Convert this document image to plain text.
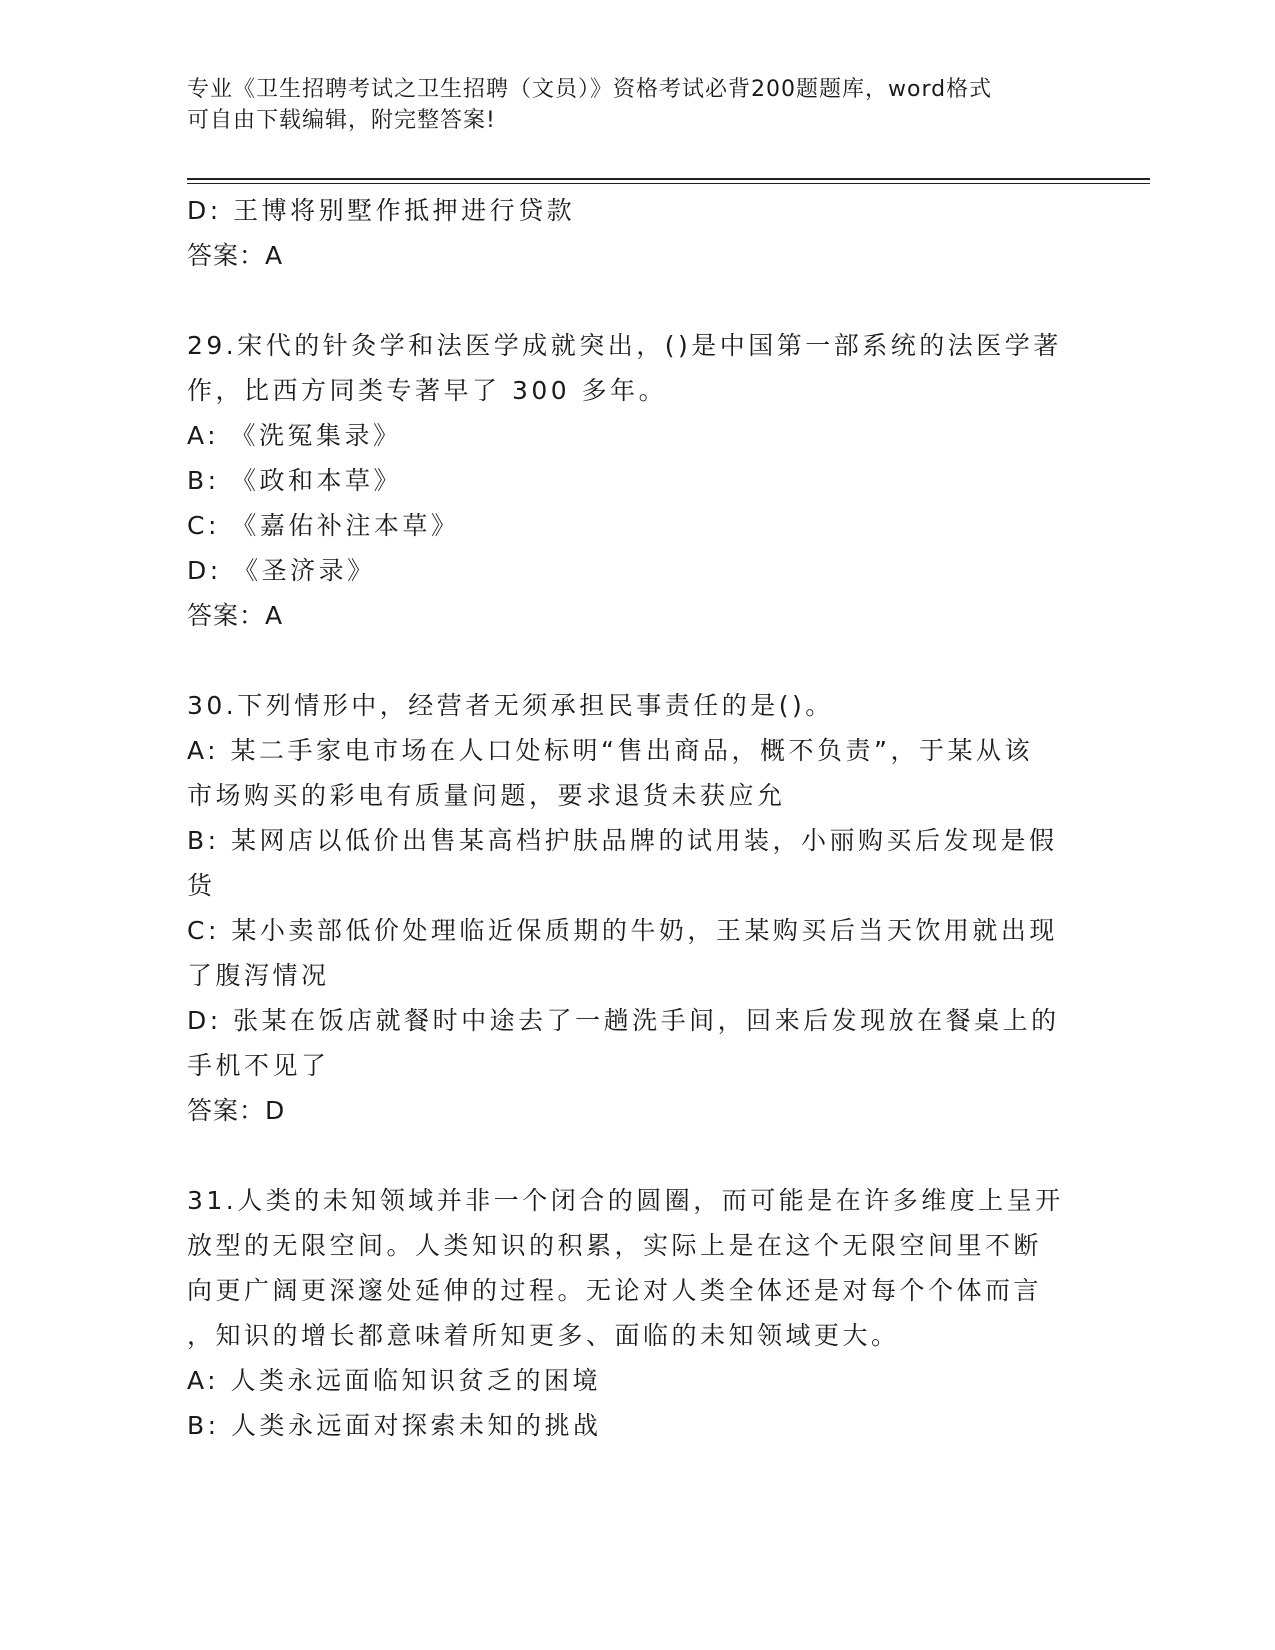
专业《卫生招聘考试之卫生招聘（文员）》资格考试必背200题题库，word格式

可自由下载编辑，附完整答案!

D: 王博将别墅作抵押进行贷款
答案：A
29.宋代的针灸学和法医学成就突出，()是中国第一部系统的法医学著
作，比西方同类专著早了 300 多年。
A: 《洗冤集录》
B: 《政和本草》
C: 《嘉佑补注本草》
D: 《圣济录》
答案：A
30.下列情形中，经营者无须承担民事责任的是()。
A: 某二手家电市场在人口处标明“售出商品，概不负责”，于某从该
市场购买的彩电有质量问题，要求退货未获应允
B: 某网店以低价出售某高档护肤品牌的试用装，小丽购买后发现是假
货
C: 某小卖部低价处理临近保质期的牛奶，王某购买后当天饮用就出现
了腹泻情况
D: 张某在饭店就餐时中途去了一趟洗手间，回来后发现放在餐桌上的
手机不见了
答案：D
31.人类的未知领域并非一个闭合的圆圈，而可能是在许多维度上呈开
放型的无限空间。人类知识的积累，实际上是在这个无限空间里不断
向更广阔更深邃处延伸的过程。无论对人类全体还是对每个个体而言
，知识的增长都意味着所知更多、面临的未知领域更大。
A: 人类永远面临知识贫乏的困境
B: 人类永远面对探索未知的挑战
